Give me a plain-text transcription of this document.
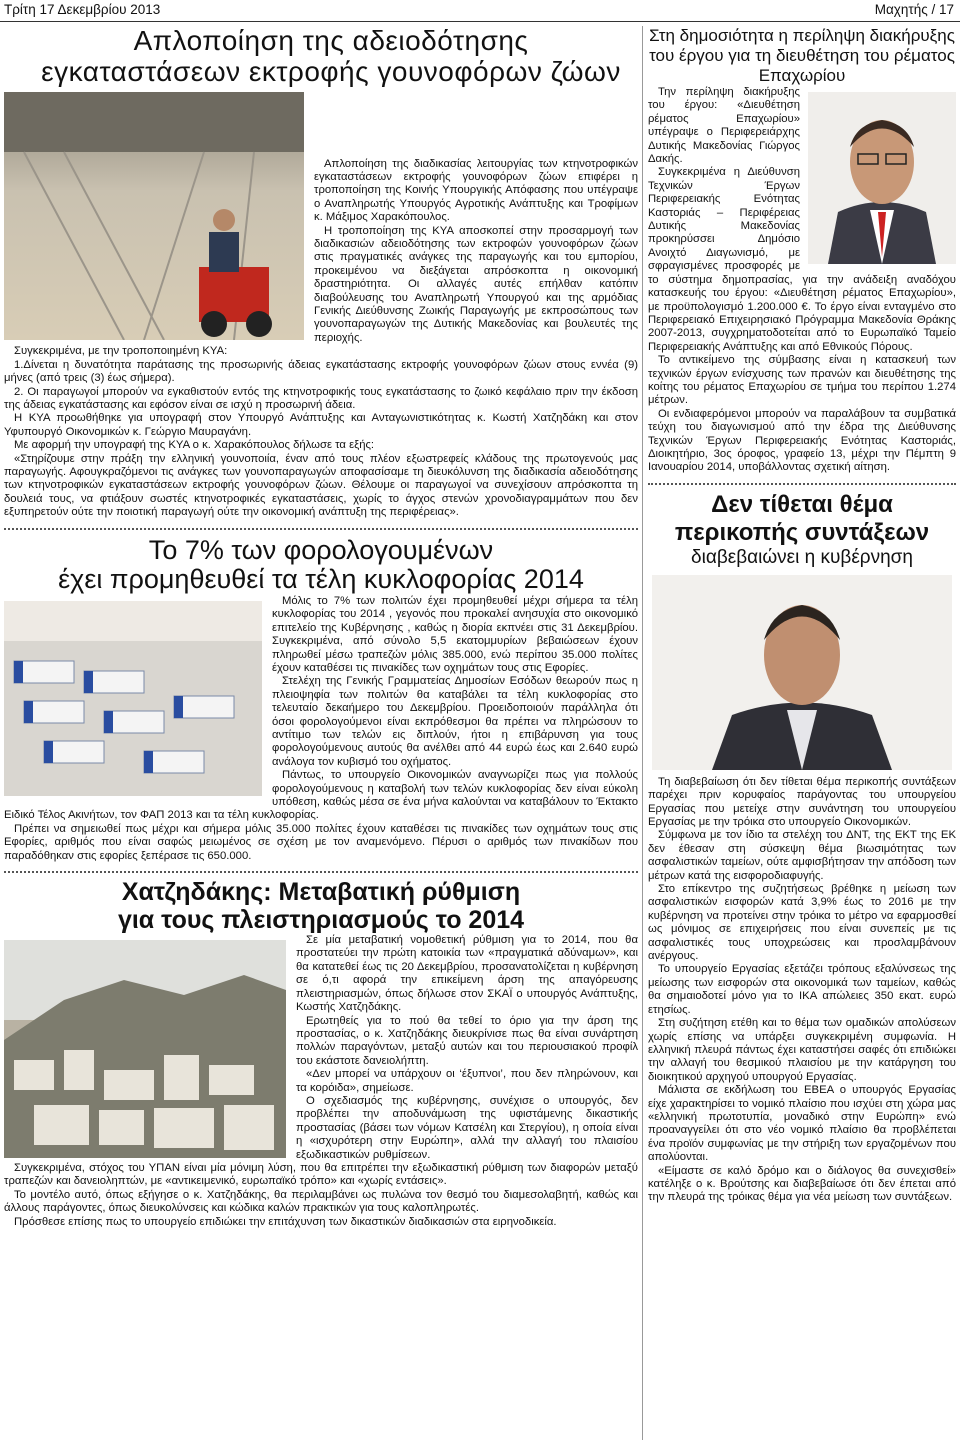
Τρίτη 17 Δεκεμβρίου 2013	Μαχητής / 17
Απλοποίηση της αδειοδότησης
εγκαταστάσεων εκτροφής γουνοφόρων ζώων

Απλοποίηση της διαδικασίας λειτουργίας των κτηνοτροφικών εγκαταστάσεων εκτροφής γουνοφόρων ζώων επιφέρει η τροποποίηση της Κοινής Υπουργικής Απόφασης που υπέγραψε ο Αναπληρωτής Υπουργός Αγροτικής Ανάπτυξης και Τροφίμων κ. Μάξιμος Χαρακόπουλος.

Η τροποποίηση της ΚΥΑ αποσκοπεί στην προσαρμογή των διαδικασιών αδειοδότησης των εκτροφών γουνοφόρων ζώων στις πραγματικές ανάγκες της παραγωγής και του εμπορίου, προκειμένου να διεξάγεται απρόσκοπτα η οικονομική δραστηριότητα. Οι αλλαγές αυτές επήλθαν κατόπιν διαβούλευσης του Αναπληρωτή Υπουργού και της αρμόδιας Γενικής Διεύθυνσης Ζωικής Παραγωγής με εκπροσώπους των γουνοπαραγωγών της Δυτικής Μακεδονίας και βουλευτές της περιοχής.

Συγκεκριμένα, με την τροποποιημένη ΚΥΑ:

1.Δίνεται η δυνατότητα παράτασης της προσωρινής άδειας εγκατάστασης εκτροφής γουνοφόρων ζώων στους εννέα (9) μήνες (από τρεις (3) έως σήμερα).

2. Οι παραγωγοί μπορούν να εγκαθιστούν εντός της κτηνοτροφικής τους εγκατάστασης το ζωικό κεφάλαιο πριν την έκδοση της άδειας εγκατάστασης και εφόσον είναι σε ισχύ η προσωρινή άδεια.

Η ΚΥΑ προωθήθηκε για υπογραφή στον Υπουργό Ανάπτυξης και Ανταγωνιστικότητας κ. Κωστή Χατζηδάκη και στον Υφυπουργό Οικονομικών κ. Γεώργιο Μαυραγάνη.

Με αφορμή την υπογραφή της ΚΥΑ ο κ. Χαρακόπουλος δήλωσε τα εξής:

«Στηρίζουμε στην πράξη την ελληνική γουνοποιία, έναν από τους πλέον εξωστρεφείς κλάδους της πρωτογενούς μας παραγωγής. Αφουγκραζόμενοι τις ανάγκες των γουνοπαραγωγών αποφασίσαμε τη διευκόλυνση της διαδικασία αδειοδότησης των κτηνοτροφικών εγκαταστάσεων εκτροφής γουνοφόρων ζώων. Θέλουμε οι παραγωγοί να συνεχίσουν απρόσκοπτα τη δουλειά τους, να φτιάξουν σωστές κτηνοτροφικές εγκαταστάσεις, χωρίς το άγχος στενών χρονοδιαγραμμάτων που δεν εξυπηρετούν ούτε την ποιοτική παραγωγή ούτε την οικονομική ανάπτυξη της περιφέρειας».

Το 7% των φορολογουμένων
έχει προμηθευθεί τα τέλη κυκλοφορίας 2014

Μόλις το 7% των πολιτών έχει προμηθευθεί μέχρι σήμερα τα τέλη κυκλοφορίας του 2014 , γεγονός που προκαλεί ανησυχία στο οικονομικό επιτελείο της Κυβέρνησης , καθώς η διορία εκπνέει στις 31 Δεκεμβρίου. Συγκεκριμένα, από σύνολο 5,5 εκατομμυρίων βεβαιώσεων έχουν πληρωθεί μέσω τραπεζών μόλις 385.000, ενώ περίπου 35.000 πολίτες έχουν καταθέσει τις πινακίδες των οχημάτων τους στις Εφορίες.

Στελέχη της Γενικής Γραμματείας Δημοσίων Εσόδων θεωρούν πως η πλειοψηφία των πολιτών θα καταβάλει τα τέλη κυκλοφορίας στο τελευταίο δεκαήμερο του Δεκεμβρίου. Προειδοποιούν παράλληλα ότι όσοι φορολογούμενοι είναι εκπρόθεσμοι θα πρέπει να πληρώσουν το αντίτιμο των τελών εις διπλούν, ήτοι η επιβάρυνση για τους φορολογούμενους αυτούς θα ανέλθει από 44 ευρώ έως και 2.640 ευρώ ανάλογα τον κυβισμό του οχήματος.

Πάντως, το υπουργείο Οικονομικών αναγνωρίζει πως για πολλούς φορολογούμενους η καταβολή των τελών κυκλοφορίας δεν είναι εύκολη υπόθεση, καθώς μέσα σε ένα μήνα καλούνται να καταβάλουν το Έκτακτο Ειδικό Τέλος Ακινήτων, τον ΦΑΠ 2013 και τα τέλη κυκλοφορίας.

Πρέπει να σημειωθεί πως μέχρι και σήμερα μόλις 35.000 πολίτες έχουν καταθέσει τις πινακίδες των οχημάτων τους στις Εφορίες, αριθμός που είναι σαφώς μειωμένος σε σχέση με τον αναμενόμενο. Πέρυσι ο αριθμός των πινακίδων που παραδόθηκαν στις εφορίες ξεπέρασε τις 650.000.

Χατζηδάκης: Μεταβατική ρύθμιση
για τους πλειστηριασμούς το 2014

Σε μία μεταβατική νομοθετική ρύθμιση για το 2014, που θα προστατεύει την πρώτη κατοικία των «πραγματικά αδύναμων», και θα κατατεθεί έως τις 20 Δεκεμβρίου, προσανατολίζεται η κυβέρνηση σε ό,τι αφορά την επικείμενη άρση της απαγόρευσης πλειστηριασμών, όπως δήλωσε στον ΣΚΑΪ ο υπουργός Ανάπτυξης, Κωστής Χατζηδάκης.

Ερωτηθείς για το πού θα τεθεί το όριο για την άρση της προστασίας, ο κ. Χατζηδάκης διευκρίνισε πως θα είναι συνάρτηση πολλών παραγόντων, μεταξύ αυτών και του περιουσιακού προφίλ του εκάστοτε δανειολήπτη.

«Δεν μπορεί να υπάρχουν οι ‘έξυπνοι’, που δεν πληρώνουν, και τα κορόιδα», σημείωσε.

Ο σχεδιασμός της κυβέρνησης, συνέχισε ο υπουργός, δεν προβλέπει την αποδυνάμωση της υφιστάμενης δικαστικής προστασίας (βάσει των νόμων Κατσέλη και Στεργίου), η οποία είναι η «ισχυρότερη στην Ευρώπη», αλλά την αλλαγή του πλαισίου εξωδικαστικών ρυθμίσεων.

Συγκεκριμένα, στόχος του ΥΠΑΝ είναι μία μόνιμη λύση, που θα επιτρέπει την εξωδικαστική ρύθμιση των διαφορών μεταξύ τραπεζών και δανειοληπτών, με «αντικειμενικό, ευρωπαϊκό τρόπο» και «χωρίς εντάσεις».

Το μοντέλο αυτό, όπως εξήγησε ο κ. Χατζηδάκης, θα περιλαμβάνει ως πυλώνα τον θεσμό του διαμεσολαβητή, καθώς και άλλους παράγοντες, όπως διευκολύνσεις και κώδικα καλών πρακτικών για τους καλοπληρωτές.

Πρόσθεσε επίσης πως το υπουργείο επιδιώκει την επιτάχυνση των δικαστικών διαδικασιών στα ειρηνοδικεία.

Στη δημοσιότητα η περίληψη διακήρυξης του έργου για τη διευθέτηση του ρέματος Επαχωρίου

Την περίληψη διακήρυξης του έργου: «Διευθέτηση ρέματος Επαχωρίου» υπέγραψε ο Περιφερειάρχης Δυτικής Μακεδονίας Γιώργος Δακής.

Συγκεκριμένα η Διεύθυνση Τεχνικών Έργων Περιφερειακής Ενότητας Καστοριάς – Περιφέρειας Δυτικής Μακεδονίας προκηρύσσει Δημόσιο Ανοιχτό Διαγωνισμό, με σφραγισμένες προσφορές με το σύστημα δημοπρασίας, για την ανάδειξη αναδόχου κατασκευής του έργου: «Διευθέτηση ρέματος Επαχωρίου», με προϋπολογισμό 1.200.000 €. Το έργο είναι ενταγμένο στο Περιφερειακό Επιχειρησιακό Πρόγραμμα Μακεδονία Θράκης 2007-2013, συγχρηματοδοτείται από το Ευρωπαϊκό Ταμείο Περιφερειακής Ανάπτυξης και από Εθνικούς Πόρους.

Το αντικείμενο της σύμβασης είναι η κατασκευή των τεχνικών έργων ενίσχυσης των πρανών και διευθέτησης της κοίτης του ρέματος Επαχωρίου σε τμήμα του περίπου 1.274 μέτρων.

Οι ενδιαφερόμενοι μπορούν να παραλάβουν τα συμβατικά τεύχη του διαγωνισμού από την έδρα της Διεύθυνσης Τεχνικών Έργων Περιφερειακής Ενότητας Καστοριάς, Διοικητήριο, 3ος όροφος, γραφείο 13, μέχρι την Πέμπτη 9 Ιανουαρίου 2014, υποβάλλοντας σχετική αίτηση.

Δεν τίθεται θέμα
περικοπής συντάξεων
διαβεβαιώνει η κυβέρνηση

Τη διαβεβαίωση ότι δεν τίθεται θέμα περικοπής συντάξεων παρέχει πριν κορυφαίος παράγοντας του υπουργείου Εργασίας που μετείχε στην συνάντηση του υπουργείου Εργασίας με την τρόικα στο υπουργείο Οικονομικών.

Σύμφωνα με τον ίδιο τα στελέχη του ΔΝΤ, της ΕΚΤ της ΕΚ δεν έθεσαν στη σύσκεψη θέμα βιωσιμότητας των ασφαλιστικών ταμείων, ούτε αμφισβήτησαν την απόδοση των μέτρων κατά της εισφοροδιαφυγής.

Στο επίκεντρο της συζητήσεως βρέθηκε η μείωση των ασφαλιστικών εισφορών κατά 3,9% έως το 2016 με την κυβέρνηση να προτείνει στην τρόικα το μέτρο να εφαρμοσθεί ως μόνιμος σε επιχειρήσεις που είναι συνεπείς με τις ασφαλιστικές τους υποχρεώσεις και προσλαμβάνουν ανέργους.

Το υπουργείο Εργασίας εξετάζει τρόπους εξαλύνσεως της μείωσης των εισφορών στα οικονομικά των ταμείων, καθώς θα σημαιοδοτεί μόνο για το ΙΚΑ απώλειες 350 εκατ. ευρώ ετησίως.

Στη συζήτηση ετέθη και το θέμα των ομαδικών απολύσεων χωρίς επίσης να υπάρξει συγκεκριμένη συμφωνία. Η ελληνική πλευρά πάντως έχει καταστήσει σαφές ότι επιδιώκει την αλλαγή του θεσμικού πλαισίου με την κατάργηση του διοικητικού αρχηγού υπουργού Εργασίας.

Μάλιστα σε εκδήλωση του ΕΒΕΑ ο υπουργός Εργασίας είχε χαρακτηρίσει το νομικό πλαίσιο που ισχύει στη χώρα μας «ελληνική πρωτοτυπία, μοναδικό στην Ευρώπη» ενώ προαναγγείλει ότι στο νέο νομικό πλαίσιο θα προβλέπεται ένα προϊόν συμφωνίας με την στήριξη των εργαζομένων που απολύονται.

«Είμαστε σε καλό δρόμο και ο διάλογος θα συνεχισθεί» κατέληξε ο κ. Βρούτσης και διαβεβαίωσε ότι δεν έπεται από την πλευρά της τρόικας θέμα για νέα μείωση των συντάξεων.
